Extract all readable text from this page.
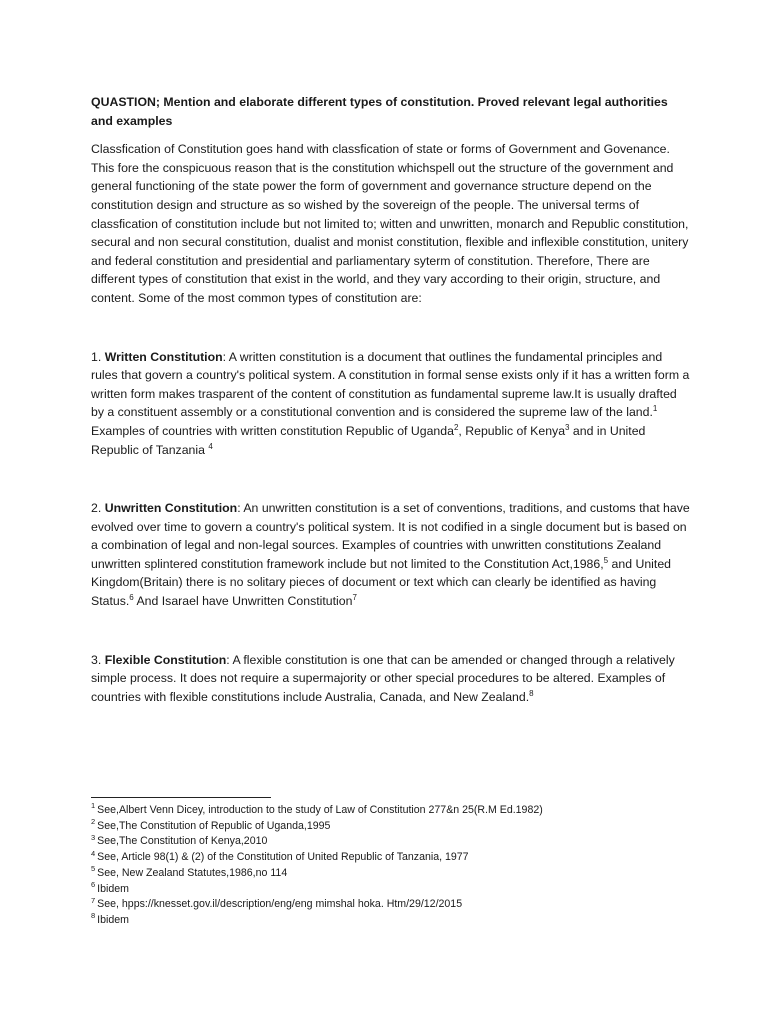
QUASTION; Mention and elaborate different types of constitution. Proved relevant legal authorities and examples

Classfication of Constitution goes hand with classfication of state or forms of Government and Govenance. This fore the conspicuous reason that is the constitution whichspell out the structure of the government and general functioning of the state power the form of government and governance structure depend on the constitution design and structure as so wished by the sovereign of the people. The universal terms of classfication of constitution include but not limited to; witten and unwritten, monarch and Republic constitution, secural and non secural constitution, dualist and monist constitution, flexible and inflexible constitution, unitery and federal constitution and presidential and parliamentary syterm of constitution. Therefore, There are different types of constitution that exist in the world, and they vary according to their origin, structure, and content. Some of the most common types of constitution are:

1. Written Constitution: A written constitution is a document that outlines the fundamental principles and rules that govern a country's political system. A constitution in formal sense exists only if it has a written form a written form makes trasparent of the content of constitution as fundamental supreme law.It is usually drafted by a constituent assembly or a constitutional convention and is considered the supreme law of the land.$^1$ Examples of countries with written constitution Republic of Uganda$^2$, Republic of Kenya$^3$ and in United Republic of Tanzania $^4$

2. Unwritten Constitution: An unwritten constitution is a set of conventions, traditions, and customs that have evolved over time to govern a country's political system. It is not codified in a single document but is based on a combination of legal and non-legal sources. Examples of countries with unwritten constitutions Zealand unwritten splintered constitution framework include but not limited to the Constitution Act,1986,$^5$ and United Kingdom(Britain) there is no solitary pieces of document or text which can clearly be identified as having Status.$^6$ And Isarael have Unwritten Constitution$^7$

3. Flexible Constitution: A flexible constitution is one that can be amended or changed through a relatively simple process. It does not require a supermajority or other special procedures to be altered. Examples of countries with flexible constitutions include Australia, Canada, and New Zealand.$^8$

$^1$ See,Albert Venn Dicey, introduction to the study of Law of Constitution 277&n 25(R.M Ed.1982)
$^2$ See,The Constitution of Republic of Uganda,1995
$^3$ See,The Constitution of Kenya,2010
$^4$ See, Article 98(1) & (2) of the Constitution of United Republic of Tanzania, 1977
$^5$ See, New Zealand Statutes,1986,no 114
$^6$ Ibidem
$^7$ See, hpps://knesset.gov.il/description/eng/eng mimshal hoka. Htm/29/12/2015
$^8$ Ibidem
